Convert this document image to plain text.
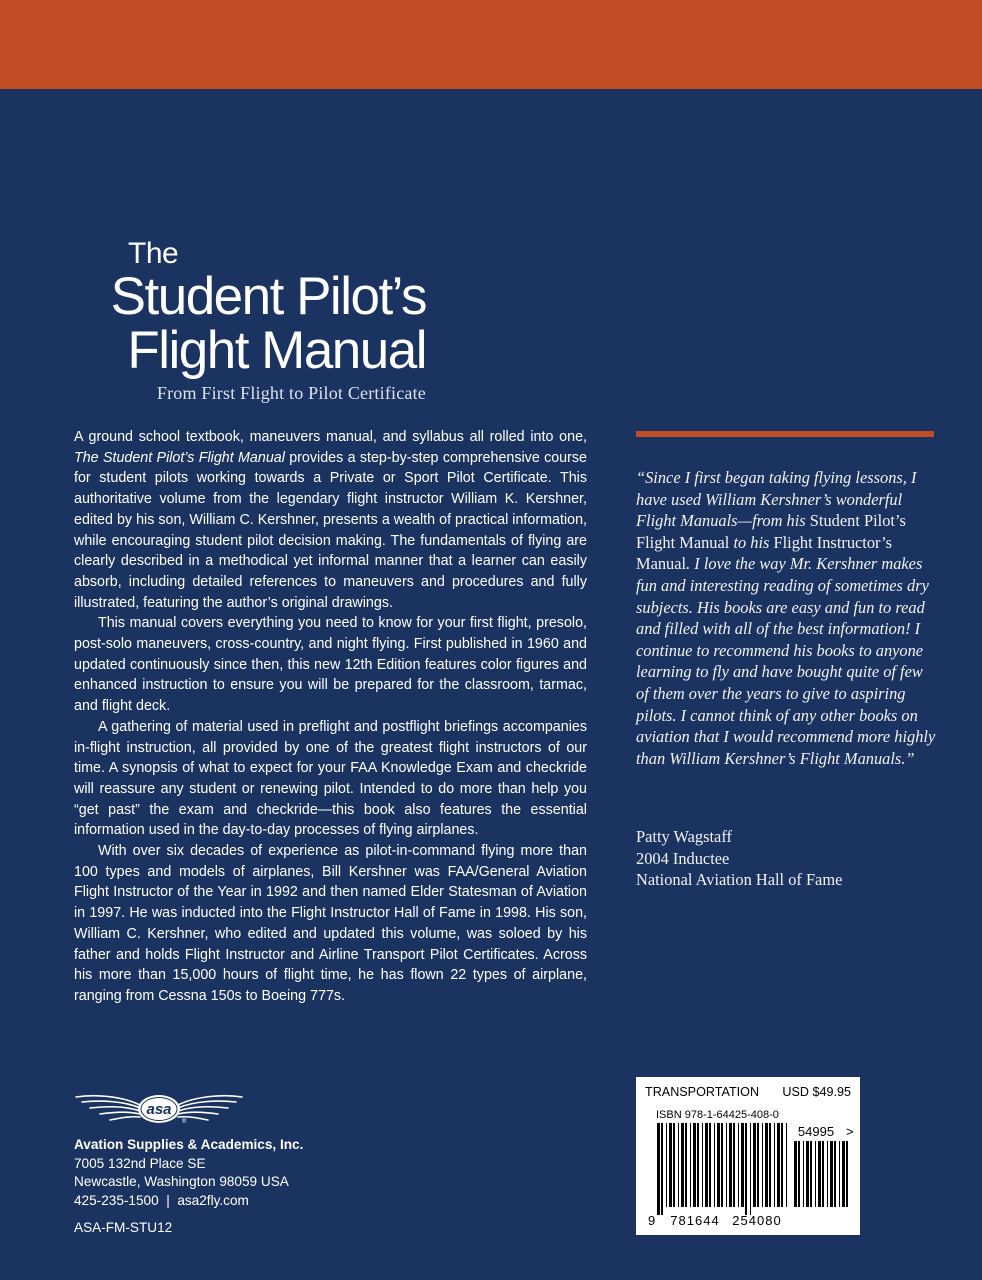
The
Student Pilot’s
Flight Manual
From First Flight to Pilot Certificate

A ground school textbook, maneuvers manual, and syllabus all rolled into one, The Student Pilot’s Flight Manual provides a step-by-step comprehensive course for student pilots working towards a Private or Sport Pilot Certificate. This authoritative volume from the legendary flight instructor William K. Kershner, edited by his son, William C. Kershner, presents a wealth of practical information, while encouraging student pilot decision making. The fundamentals of flying are clearly described in a methodical yet informal manner that a learner can easily absorb, including detailed references to maneuvers and procedures and fully illustrated, featuring the author’s original drawings.

This manual covers everything you need to know for your first flight, presolo, post-solo maneuvers, cross-country, and night flying. First published in 1960 and updated continuously since then, this new 12th Edition features color figures and enhanced instruction to ensure you will be prepared for the classroom, tarmac, and flight deck.

A gathering of material used in preflight and postflight briefings accompanies in-flight instruction, all provided by one of the greatest flight instructors of our time. A synopsis of what to expect for your FAA Knowledge Exam and checkride will reassure any student or renewing pilot. Intended to do more than help you “get past” the exam and checkride—this book also features the essential information used in the day-to-day processes of flying airplanes.

With over six decades of experience as pilot-in-command flying more than 100 types and models of airplanes, Bill Kershner was FAA/General Aviation Flight Instructor of the Year in 1992 and then named Elder Statesman of Aviation in 1997. He was inducted into the Flight Instructor Hall of Fame in 1998. His son, William C. Kershner, who edited and updated this volume, was soloed by his father and holds Flight Instructor and Airline Transport Pilot Certificates. Across his more than 15,000 hours of flight time, he has flown 22 types of airplane, ranging from Cessna 150s to Boeing 777s.

“Since I first began taking flying lessons, I have used William Kershner’s wonderful Flight Manuals—from his Student Pilot’s Flight Manual to his Flight Instructor’s Manual. I love the way Mr. Kershner makes fun and interesting reading of sometimes dry subjects. His books are easy and fun to read and filled with all of the best information! I continue to recommend his books to anyone learning to fly and have bought quite of few of them over the years to give to aspiring pilots. I cannot think of any other books on aviation that I would recommend more highly than William Kershner’s Flight Manuals.”
Patty Wagstaff
2004 Inductee
National Aviation Hall of Fame
asa
®
Avation Supplies & Academics, Inc.
7005 132nd Place SE
Newcastle, Washington 98059 USA
425-235-1500 | asa2fly.com
ASA-FM-STU12
TRANSPORTATION USD $49.95
ISBN 978-1-64425-408-0
54995 >
9 781644 254080
